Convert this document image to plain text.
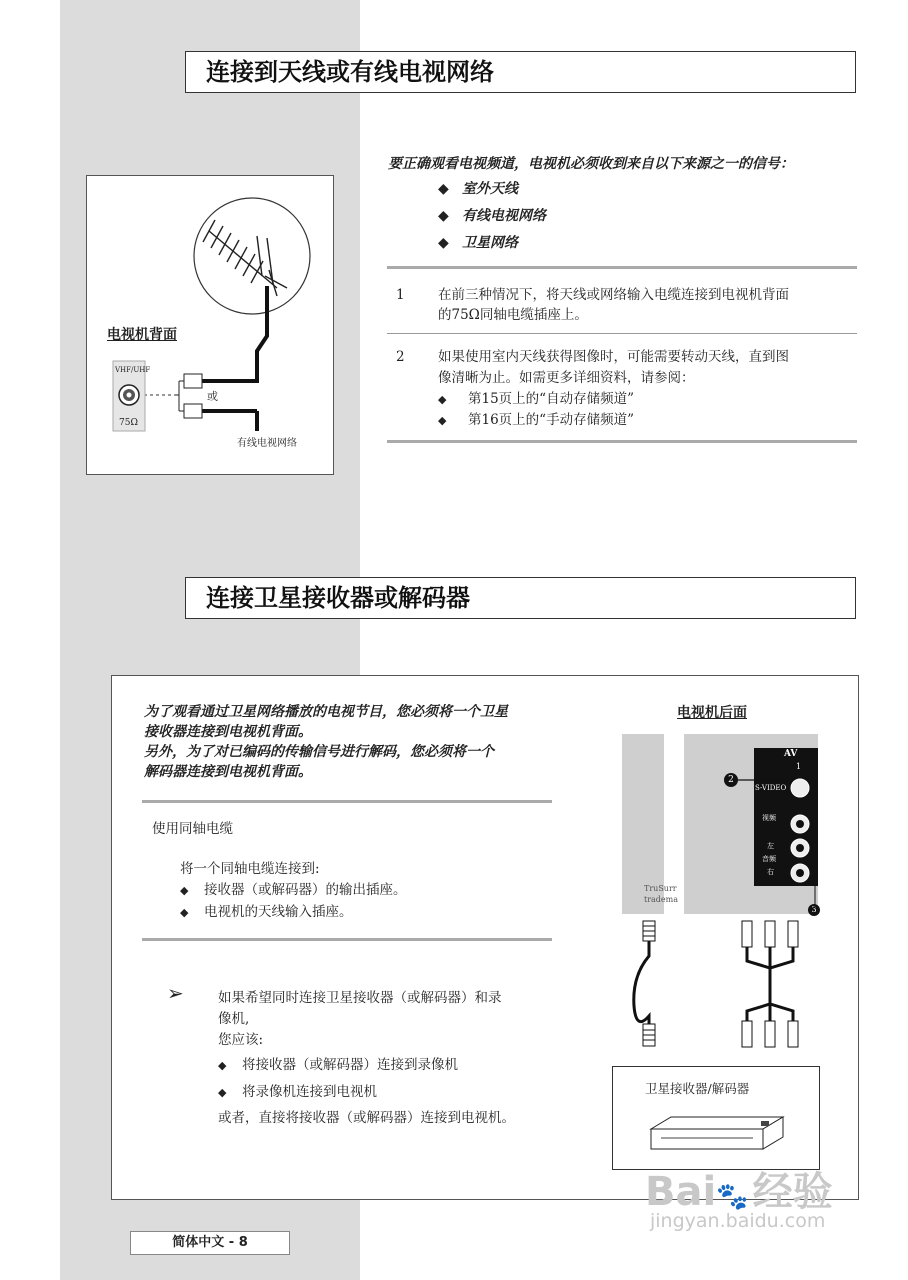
连接到天线或有线电视网络
电视机背面
VHF/UHF
75Ω
或
有线电视网络
要正确观看电视频道，电视机必须收到来自以下来源之一的信号：
◆ 室外天线
◆ 有线电视网络
◆ 卫星网络
1 在前三种情况下，将天线或网络输入电缆连接到电视机背面
的75Ω同轴电缆插座上。
2 如果使用室内天线获得图像时，可能需要转动天线，直到图
像清晰为止。如需更多详细资料，请参阅：
◆ 第15页上的“自动存储频道”
◆ 第16页上的“手动存储频道”
连接卫星接收器或解码器
为了观看通过卫星网络播放的电视节目，您必须将一个卫星
接收器连接到电视机背面。
另外，为了对已编码的传输信号进行解码，您必须将一个
解码器连接到电视机背面。
使用同轴电缆
将一个同轴电缆连接到:
◆ 接收器（或解码器）的输出插座。
◆ 电视机的天线输入插座。
➢	如果希望同时连接卫星接收器（或解码器）和录
像机,
您应该:
◆ 将接收器（或解码器）连接到录像机
◆ 将录像机连接到电视机
或者，直接将接收器（或解码器）连接到电视机。
电视机后面
TruSurr
tradema
AV
1
S-VIDEO
视频
音频
左
右
2
3
卫星接收器/解码器
简体中文 - 8
Bai🐾 经验
jingyan.baidu.com
